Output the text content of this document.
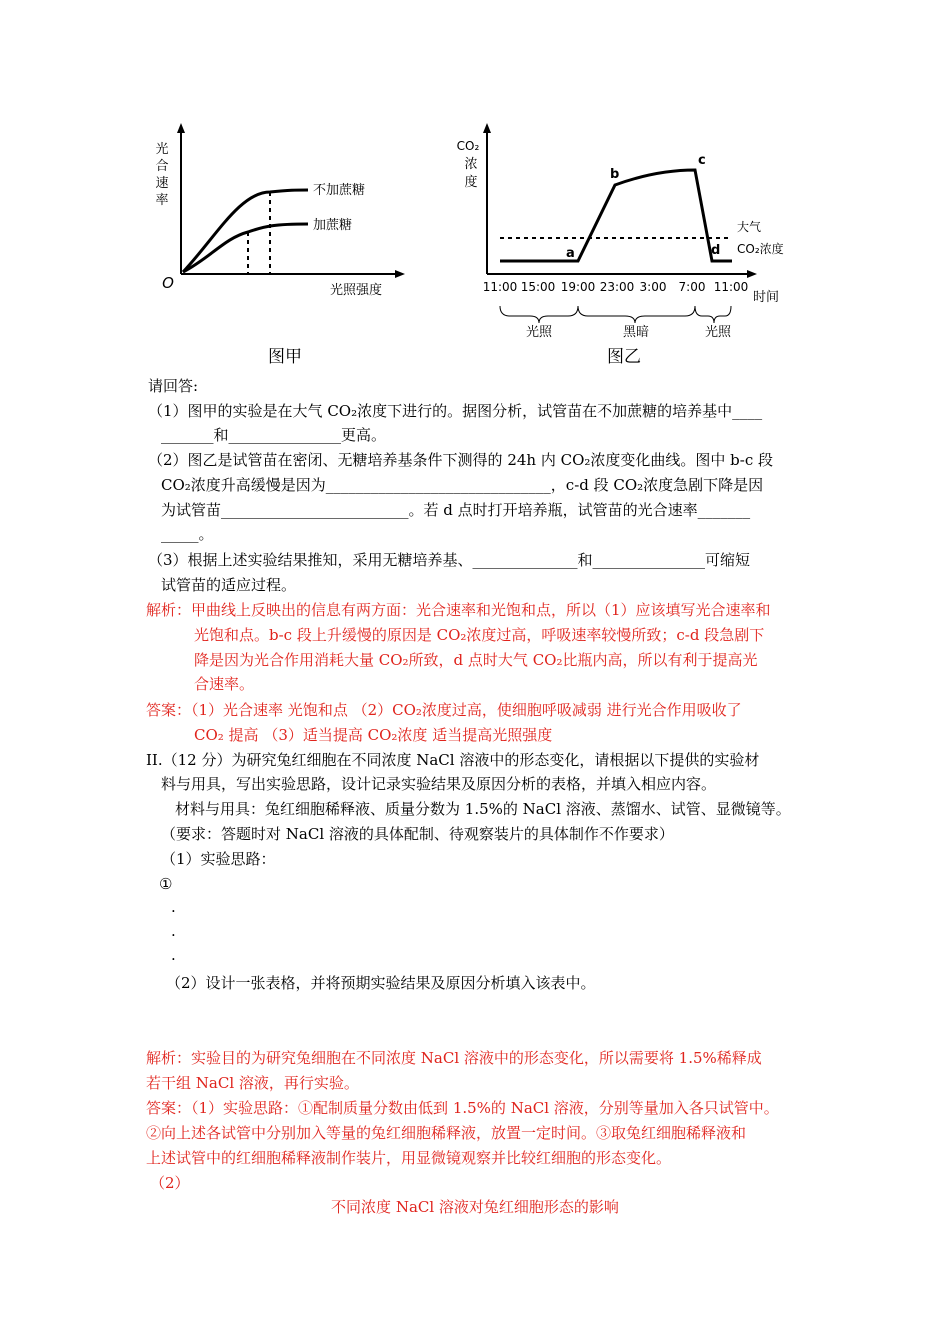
光
合
速
率
O	光照强度
不加蔗糖
加蔗糖
图甲
CO₂
浓
度
a
b
c
d
大气
CO₂浓度
11:00 15:00 19:00 23:00 3:00 7:00 11:00
时间
光照	黑暗	光照
图乙
请回答:
（1）图甲的实验是在大气 CO₂浓度下进行的。据图分析，试管苗在不加蔗糖的培养基中____
_______和_______________更高。
（2）图乙是试管苗在密闭、无糖培养基条件下测得的 24h 内 CO₂浓度变化曲线。图中 b-c 段
CO₂浓度升高缓慢是因为______________________________，c-d 段 CO₂浓度急剧下降是因
为试管苗_________________________。若 d 点时打开培养瓶，试管苗的光合速率_______
_____。
（3）根据上述实验结果推知，采用无糖培养基、______________和_______________可缩短
试管苗的适应过程。
解析：甲曲线上反映出的信息有两方面：光合速率和光饱和点，所以（1）应该填写光合速率和
光饱和点。b-c 段上升缓慢的原因是 CO₂浓度过高，呼吸速率较慢所致；c-d 段急剧下
降是因为光合作用消耗大量 CO₂所致，d 点时大气 CO₂比瓶内高，所以有利于提高光
合速率。
答案：（1）光合速率 光饱和点 （2）CO₂浓度过高，使细胞呼吸减弱 进行光合作用吸收了
CO₂ 提高 （3）适当提高 CO₂浓度 适当提高光照强度
II.（12 分）为研究兔红细胞在不同浓度 NaCl 溶液中的形态变化，请根据以下提供的实验材
料与用具，写出实验思路，设计记录实验结果及原因分析的表格，并填入相应内容。
材料与用具：兔红细胞稀释液、质量分数为 1.5%的 NaCl 溶液、蒸馏水、试管、显微镜等。
（要求：答题时对 NaCl 溶液的具体配制、待观察装片的具体制作不作要求）
（1）实验思路：
①
.
.
.
（2）设计一张表格，并将预期实验结果及原因分析填入该表中。
解析：实验目的为研究兔细胞在不同浓度 NaCl 溶液中的形态变化，所以需要将 1.5%稀释成
若干组 NaCl 溶液，再行实验。
答案：（1）实验思路：①配制质量分数由低到 1.5%的 NaCl 溶液，分别等量加入各只试管中。
②向上述各试管中分别加入等量的兔红细胞稀释液，放置一定时间。③取兔红细胞稀释液和
上述试管中的红细胞稀释液制作装片，用显微镜观察并比较红细胞的形态变化。
（2）
不同浓度 NaCl 溶液对兔红细胞形态的影响
